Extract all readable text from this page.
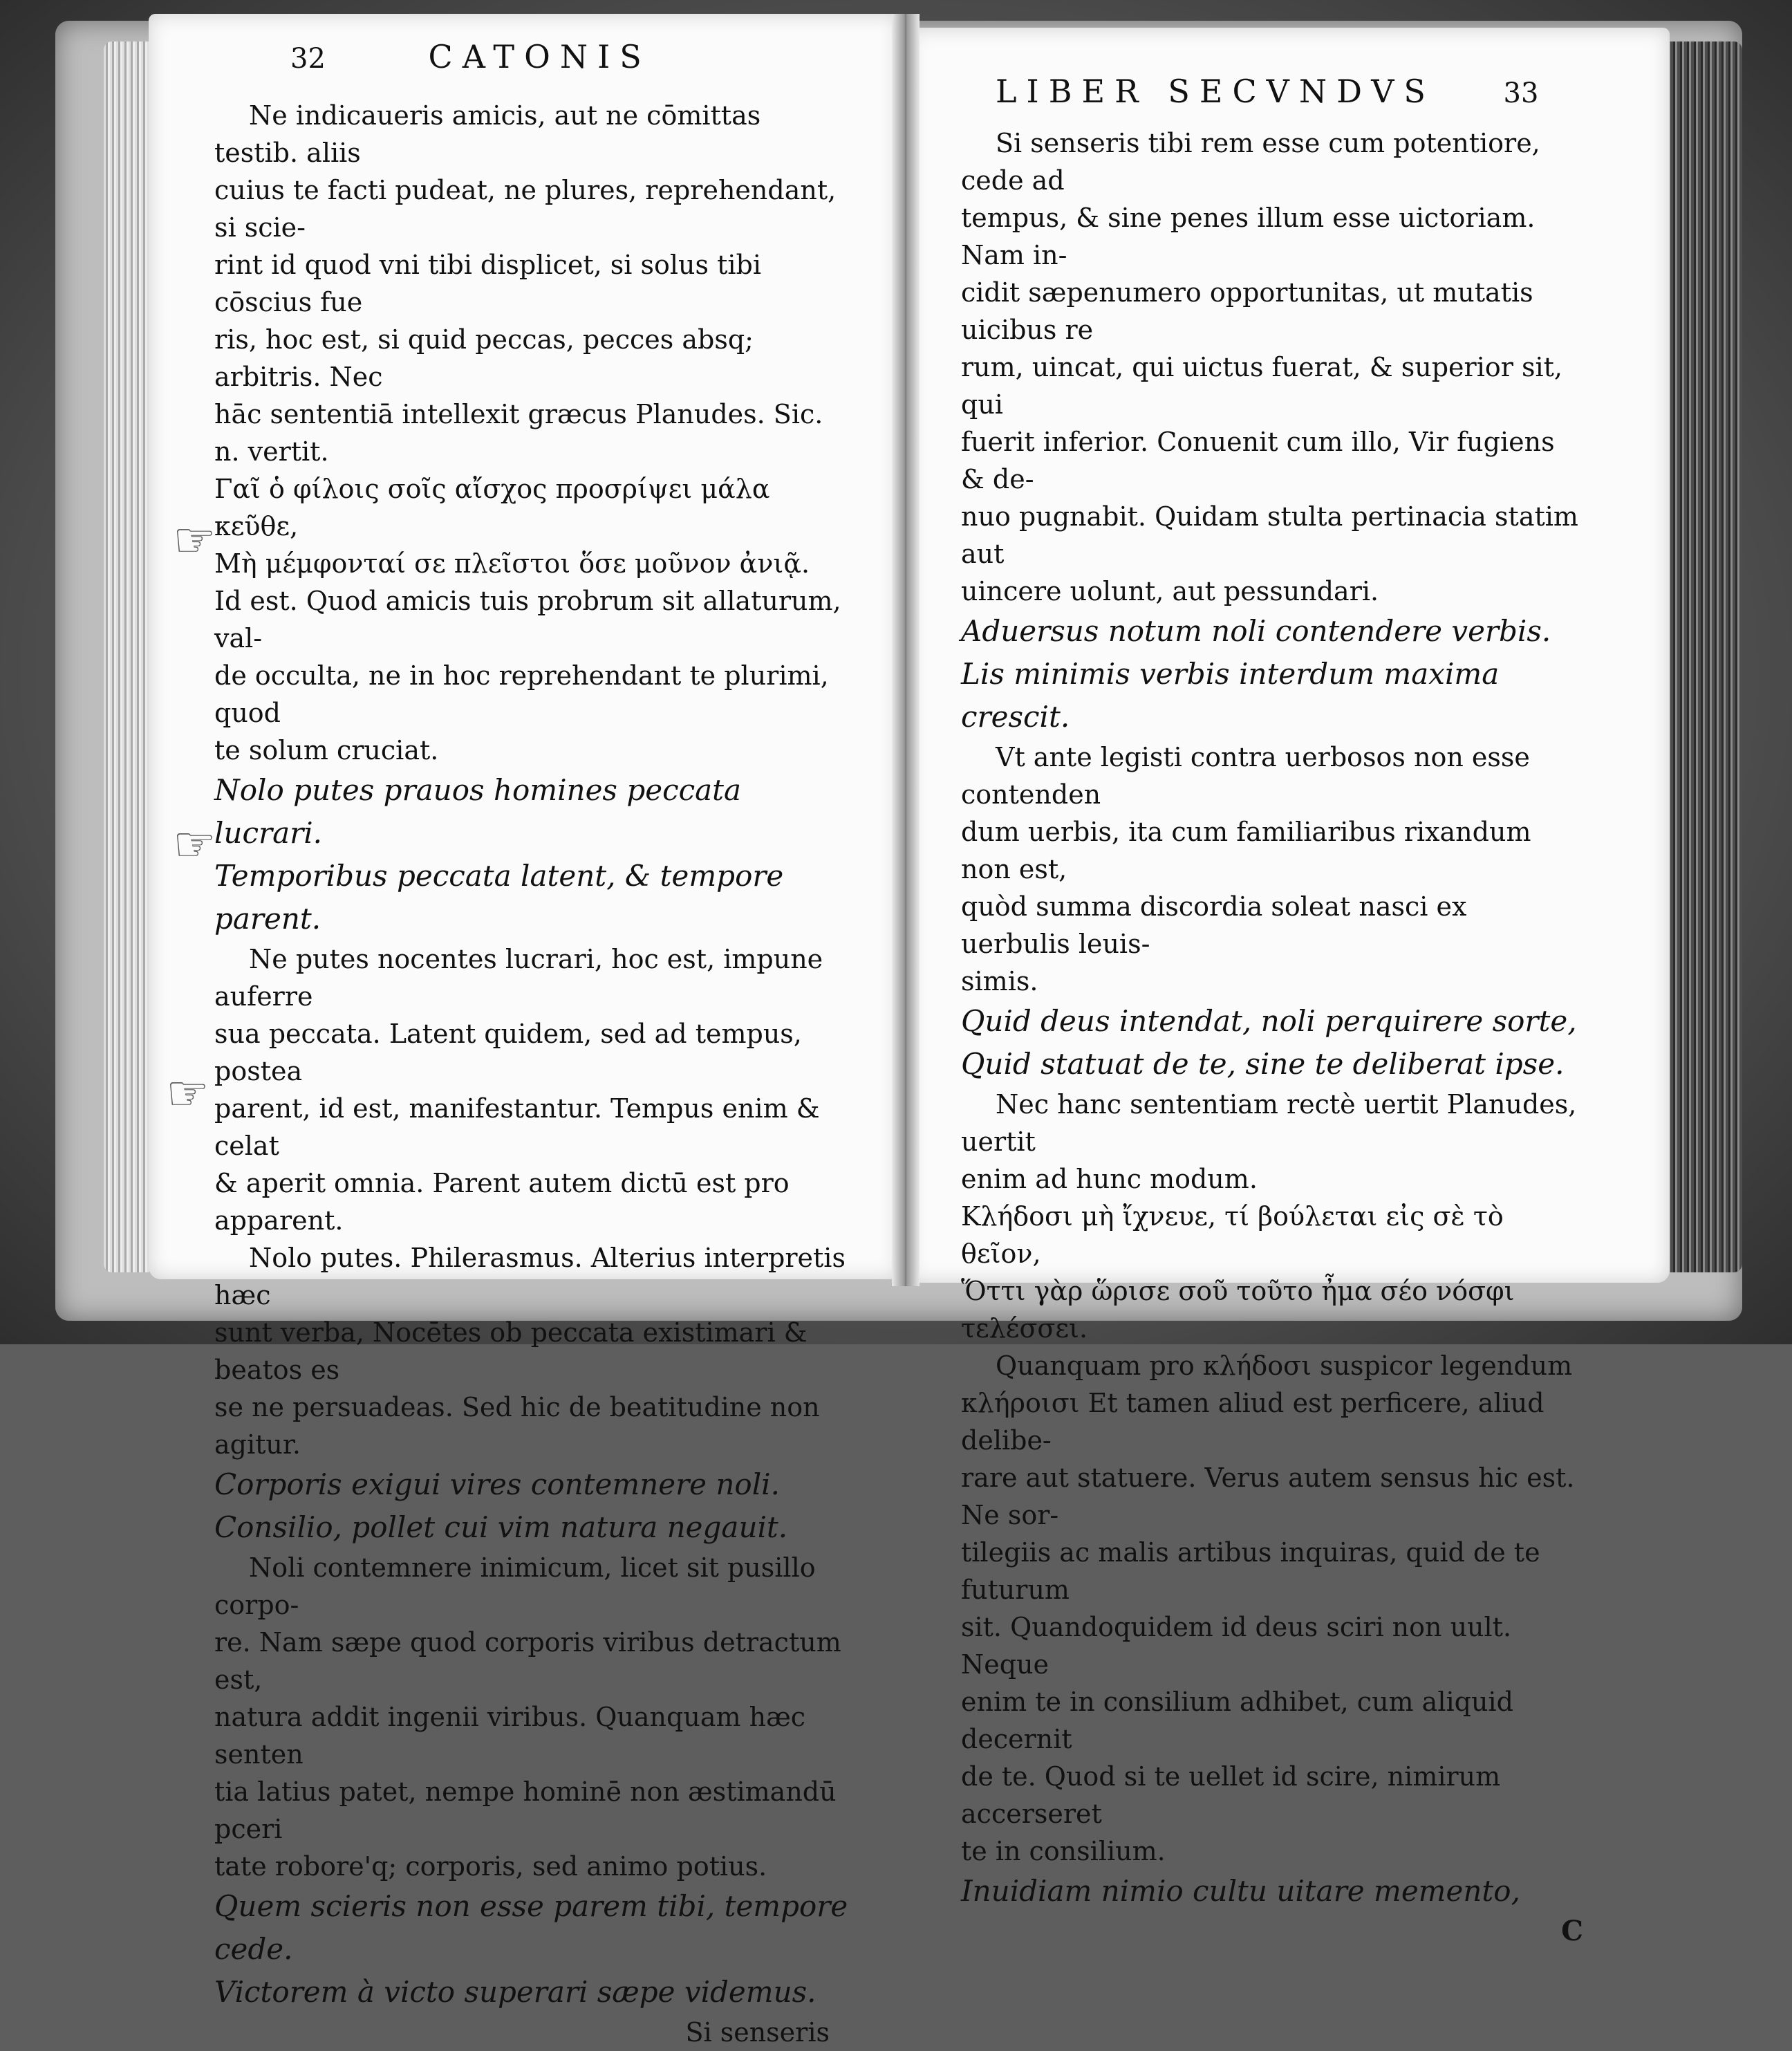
32	CATONIS
LIBER SECVNDVS 33

Ne indicaueris amicis, aut ne cōmittas testib. aliis

cuius te facti pudeat, ne plures, reprehendant, si scie-

rint id quod vni tibi displicet, si solus tibi cōscius fue

ris, hoc est, si quid peccas, pecces absq; arbitris. Nec

hāc sententiā intellexit græcus Planudes. Sic. n. vertit.

Γαῖ ὁ φίλοις σοῖς αἴσχος προσρίψει μάλα κεῦθε,

Μὴ μέμφονταί σε πλεῖστοι ὅσε μοῦνον ἀνιᾷ.

Id est. Quod amicis tuis probrum sit allaturum, val-

de occulta, ne in hoc reprehendant te plurimi, quod

te solum cruciat.

Nolo putes prauos homines peccata lucrari.

Temporibus peccata latent, & tempore parent.

Ne putes nocentes lucrari, hoc est, impune auferre

sua peccata. Latent quidem, sed ad tempus, postea

parent, id est, manifestantur. Tempus enim & celat

& aperit omnia. Parent autem dictū est pro apparent.

Nolo putes. Philerasmus. Alterius interpretis hæc

sunt verba, Nocētes ob peccata existimari & beatos es

se ne persuadeas. Sed hic de beatitudine non agitur.

Corporis exigui vires contemnere noli.

Consilio, pollet cui vim natura negauit.

Noli contemnere inimicum, licet sit pusillo corpo-

re. Nam sæpe quod corporis viribus detractum est,

natura addit ingenii viribus. Quanquam hæc senten

tia latius patet, nempe hominē non æstimandū pceri

tate robore'q; corporis, sed animo potius.

Quem scieris non esse parem tibi, tempore cede.

Victorem à victo superari sæpe videmus.

Si senseris

Si senseris tibi rem esse cum potentiore, cede ad

tempus, & sine penes illum esse uictoriam. Nam in-

cidit sæpenumero opportunitas, ut mutatis uicibus re

rum, uincat, qui uictus fuerat, & superior sit, qui

fuerit inferior. Conuenit cum illo, Vir fugiens & de-

nuo pugnabit. Quidam stulta pertinacia statim aut

uincere uolunt, aut pessundari.

Aduersus notum noli contendere verbis.

Lis minimis verbis interdum maxima crescit.

Vt ante legisti contra uerbosos non esse contenden

dum uerbis, ita cum familiaribus rixandum non est,

quòd summa discordia soleat nasci ex uerbulis leuis-

simis.

Quid deus intendat, noli perquirere sorte,

Quid statuat de te, sine te deliberat ipse.

Nec hanc sententiam rectè uertit Planudes, uertit

enim ad hunc modum.

Κλήδοσι μὴ ἴχνευε, τί βούλεται εἰς σὲ τὸ θεῖον,

Ὅττι γὰρ ὥρισε σοῦ τοῦτο ἦμα σέο νόσφι τελέσσει.

Quanquam pro κλήδοσι suspicor legendum

κλήροισι Et tamen aliud est perficere, aliud delibe-

rare aut statuere. Verus autem sensus hic est. Ne sor-

tilegiis ac malis artibus inquiras, quid de te futurum

sit. Quandoquidem id deus sciri non uult. Neque

enim te in consilium adhibet, cum aliquid decernit

de te. Quod si te uellet id scire, nimirum accerseret

te in consilium.

Inuidiam nimio cultu uitare memento,

C

☞
☞
☞
